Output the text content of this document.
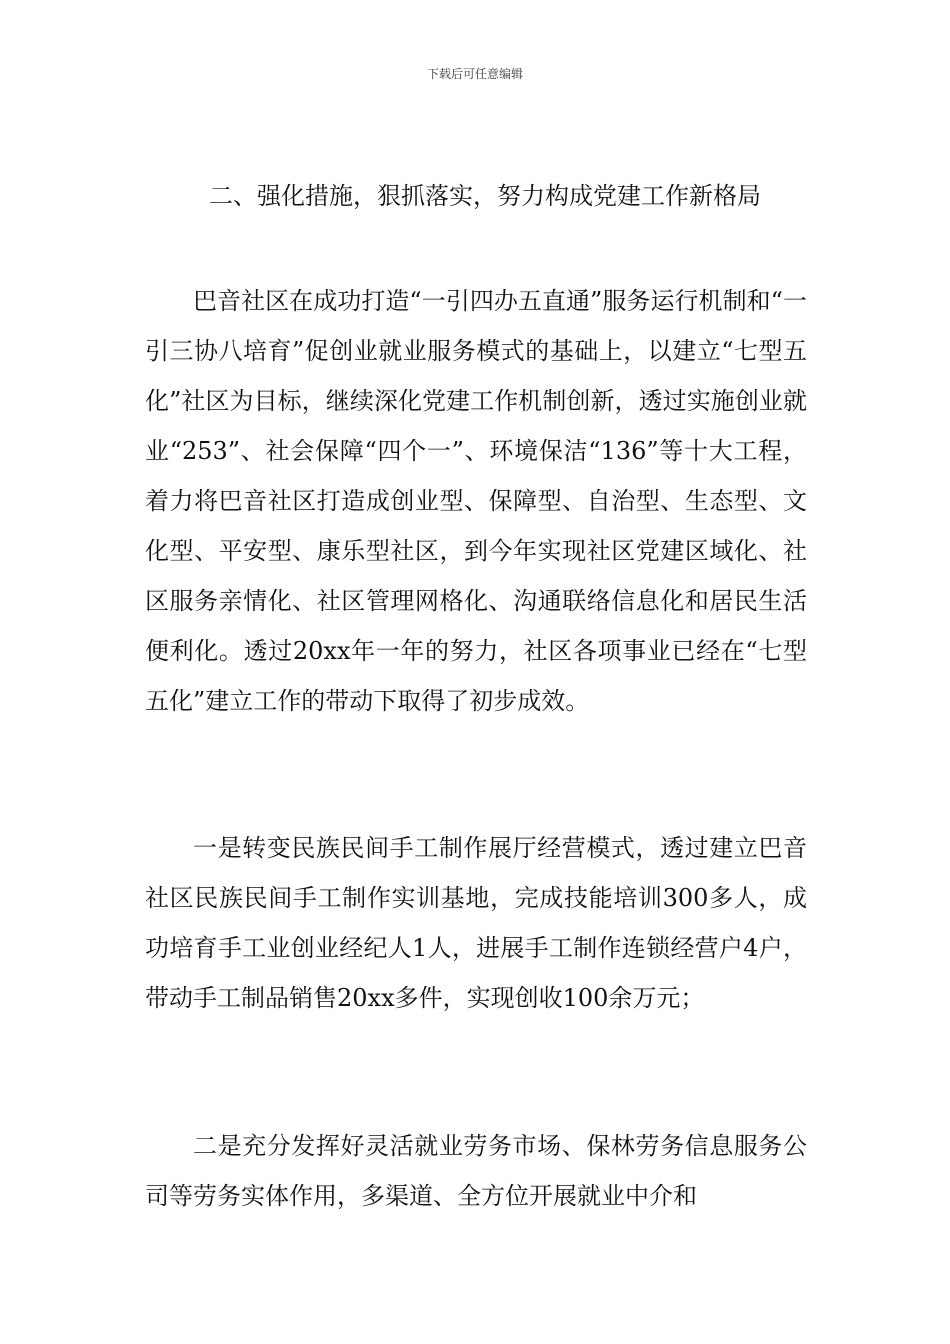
下载后可任意编辑
二、强化措施，狠抓落实，努力构成党建工作新格局

巴音社区在成功打造“一引四办五直通”服务运行机制和“一引三协八培育”促创业就业服务模式的基础上，以建立“七型五化”社区为目标，继续深化党建工作机制创新，透过实施创业就业“253”、社会保障“四个一”、环境保洁“136”等十大工程，着力将巴音社区打造成创业型、保障型、自治型、生态型、文化型、平安型、康乐型社区，到今年实现社区党建区域化、社区服务亲情化、社区管理网格化、沟通联络信息化和居民生活便利化。透过20xx年一年的努力，社区各项事业已经在“七型五化”建立工作的带动下取得了初步成效。

一是转变民族民间手工制作展厅经营模式，透过建立巴音社区民族民间手工制作实训基地，完成技能培训300多人，成功培育手工业创业经纪人1人，进展手工制作连锁经营户4户，带动手工制品销售20xx多件，实现创收100余万元；

二是充分发挥好灵活就业劳务市场、保林劳务信息服务公司等劳务实体作用，多渠道、全方位开展就业中介和
